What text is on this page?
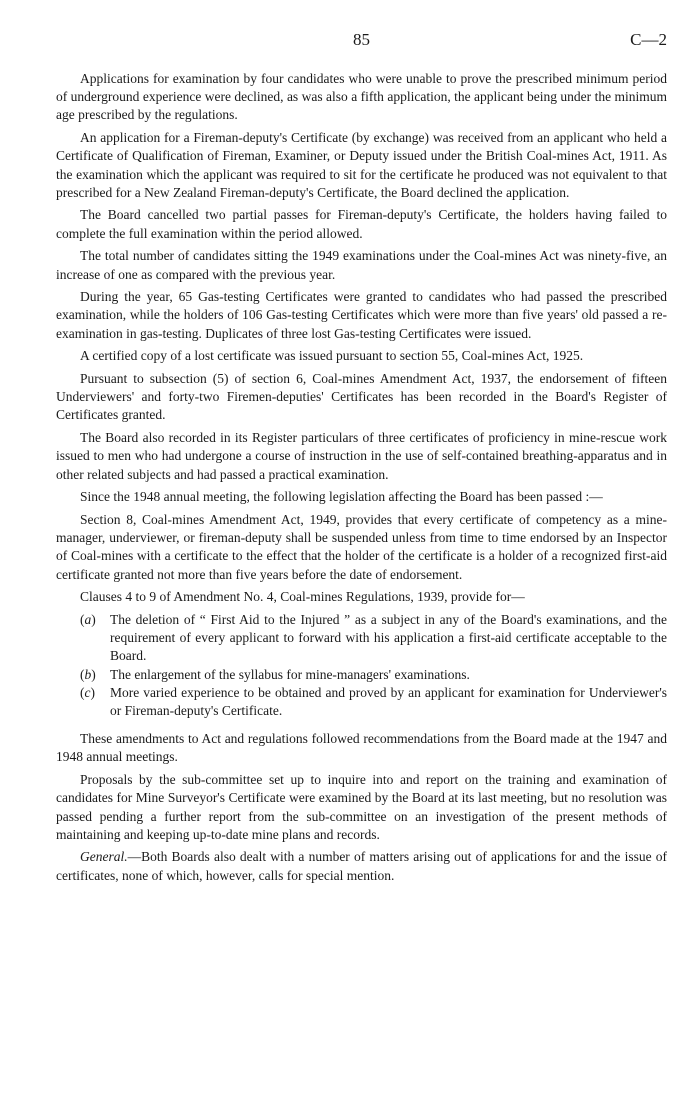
85	C—2

Applications for examination by four candidates who were unable to prove the prescribed minimum period of underground experience were declined, as was also a fifth application, the applicant being under the minimum age prescribed by the regulations.

An application for a Fireman-deputy's Certificate (by exchange) was received from an applicant who held a Certificate of Qualification of Fireman, Examiner, or Deputy issued under the British Coal-mines Act, 1911. As the examination which the applicant was required to sit for the certificate he produced was not equivalent to that prescribed for a New Zealand Fireman-deputy's Certificate, the Board declined the application.

The Board cancelled two partial passes for Fireman-deputy's Certificate, the holders having failed to complete the full examination within the period allowed.

The total number of candidates sitting the 1949 examinations under the Coal-mines Act was ninety-five, an increase of one as compared with the previous year.

During the year, 65 Gas-testing Certificates were granted to candidates who had passed the prescribed examination, while the holders of 106 Gas-testing Certificates which were more than five years' old passed a re-examination in gas-testing. Duplicates of three lost Gas-testing Certificates were issued.

A certified copy of a lost certificate was issued pursuant to section 55, Coal-mines Act, 1925.

Pursuant to subsection (5) of section 6, Coal-mines Amendment Act, 1937, the endorsement of fifteen Underviewers' and forty-two Firemen-deputies' Certificates has been recorded in the Board's Register of Certificates granted.

The Board also recorded in its Register particulars of three certificates of proficiency in mine-rescue work issued to men who had undergone a course of instruction in the use of self-contained breathing-apparatus and in other related subjects and had passed a practical examination.

Since the 1948 annual meeting, the following legislation affecting the Board has been passed :—

Section 8, Coal-mines Amendment Act, 1949, provides that every certificate of competency as a mine-manager, underviewer, or fireman-deputy shall be suspended unless from time to time endorsed by an Inspector of Coal-mines with a certificate to the effect that the holder of the certificate is a holder of a recognized first-aid certificate granted not more than five years before the date of endorsement.

Clauses 4 to 9 of Amendment No. 4, Coal-mines Regulations, 1939, provide for—

(a) The deletion of “ First Aid to the Injured ” as a subject in any of the Board's examinations, and the requirement of every applicant to forward with his application a first-aid certificate acceptable to the Board.
(b) The enlargement of the syllabus for mine-managers' examinations.
(c) More varied experience to be obtained and proved by an applicant for examination for Underviewer's or Fireman-deputy's Certificate.

These amendments to Act and regulations followed recommendations from the Board made at the 1947 and 1948 annual meetings.

Proposals by the sub-committee set up to inquire into and report on the training and examination of candidates for Mine Surveyor's Certificate were examined by the Board at its last meeting, but no resolution was passed pending a further report from the sub-committee on an investigation of the present methods of maintaining and keeping up-to-date mine plans and records.

General.—Both Boards also dealt with a number of matters arising out of applications for and the issue of certificates, none of which, however, calls for special mention.
